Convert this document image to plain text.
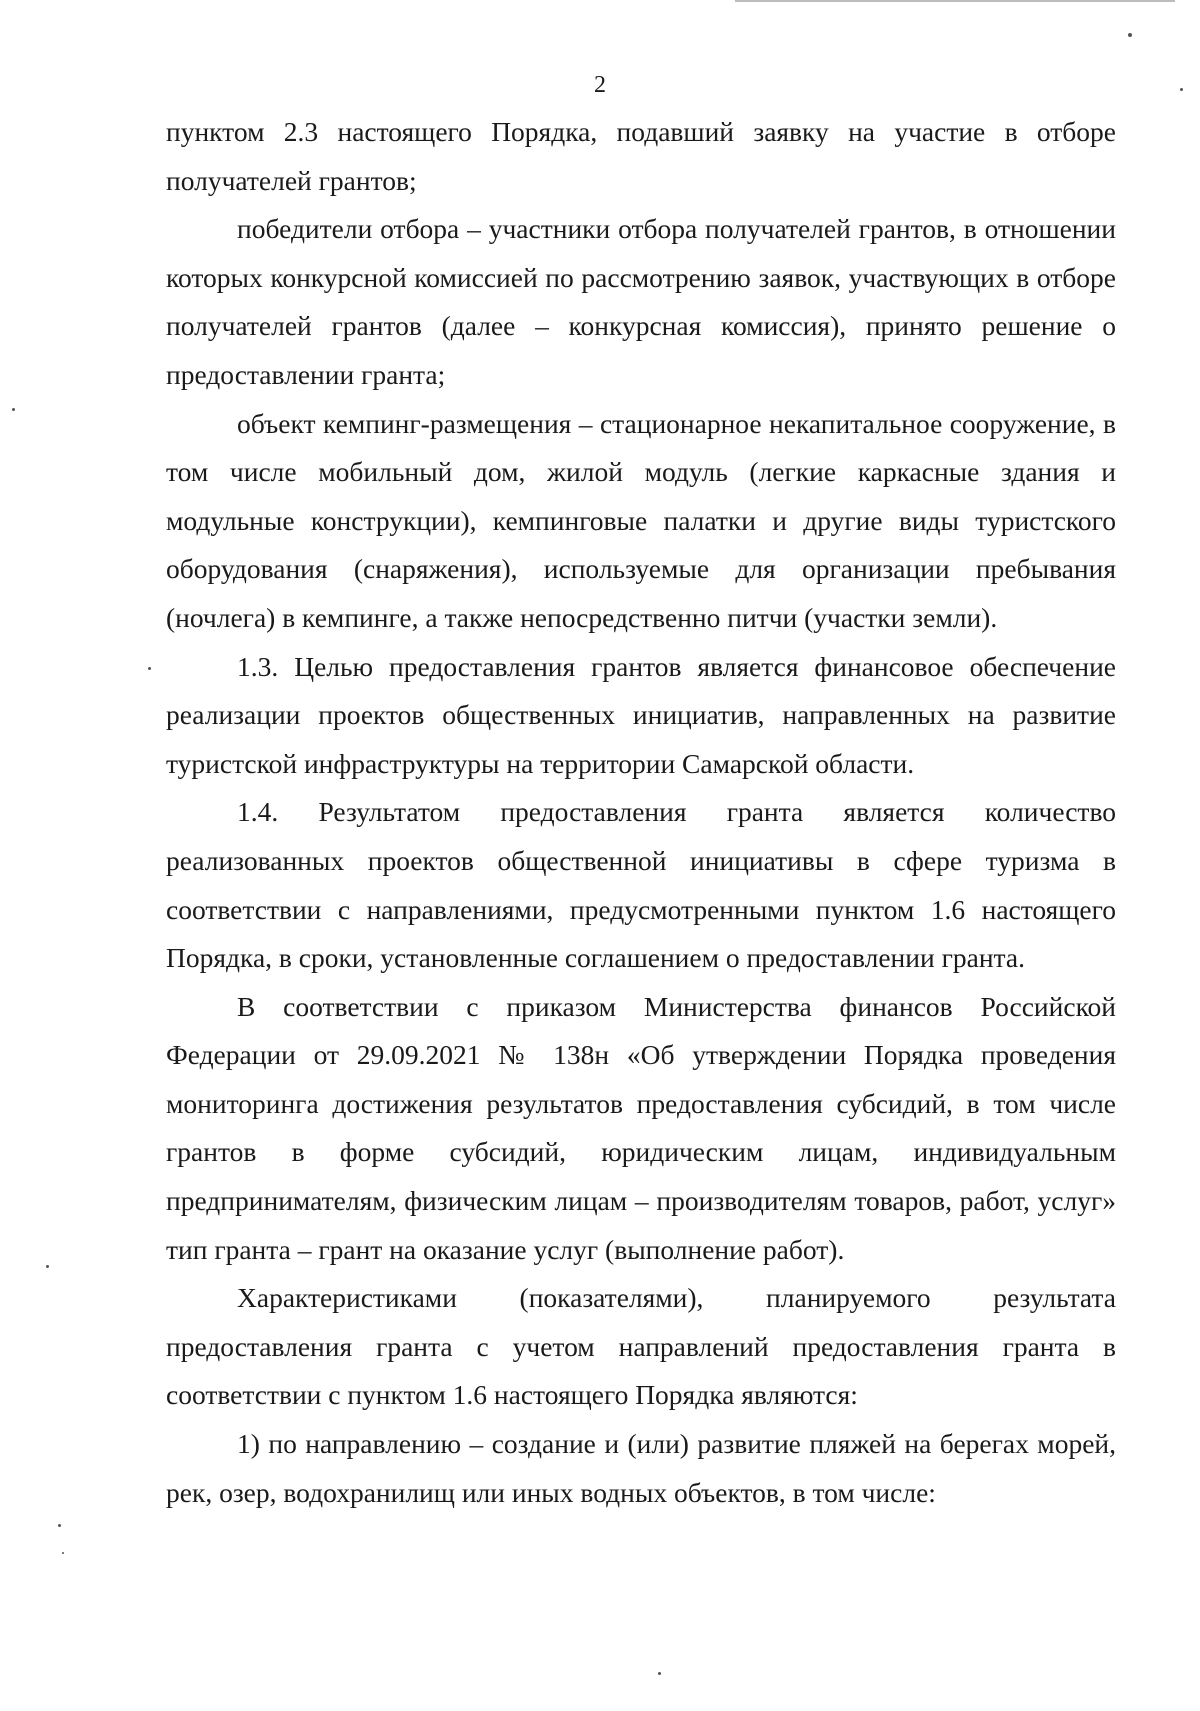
2

пунктом 2.3 настоящего Порядка, подавший заявку на участие в отборе получателей грантов;

победители отбора – участники отбора получателей грантов, в отношении которых конкурсной комиссией по рассмотрению заявок, участвующих в отборе получателей грантов (далее – конкурсная комиссия), принято решение о предоставлении гранта;

объект кемпинг-размещения – стационарное некапитальное сооружение, в том числе мобильный дом, жилой модуль (легкие каркасные здания и модульные конструкции), кемпинговые палатки и другие виды туристского оборудования (снаряжения), используемые для организации пребывания (ночлега) в кемпинге, а также непосредственно питчи (участки земли).

1.3. Целью предоставления грантов является финансовое обеспечение реализации проектов общественных инициатив, направленных на развитие туристской инфраструктуры на территории Самарской области.

1.4. Результатом предоставления гранта является количество реализованных проектов общественной инициативы в сфере туризма в соответствии с направлениями, предусмотренными пунктом 1.6 настоящего Порядка, в сроки, установленные соглашением о предоставлении гранта.

В соответствии с приказом Министерства финансов Российской Федерации от 29.09.2021 № 138н «Об утверждении Порядка проведения мониторинга достижения результатов предоставления субсидий, в том числе грантов в форме субсидий, юридическим лицам, индивидуальным предпринимателям, физическим лицам – производителям товаров, работ, услуг» тип гранта – грант на оказание услуг (выполнение работ).

Характеристиками (показателями), планируемого результата предоставления гранта с учетом направлений предоставления гранта в соответствии с пунктом 1.6 настоящего Порядка являются:

1) по направлению – создание и (или) развитие пляжей на берегах морей, рек, озер, водохранилищ или иных водных объектов, в том числе:
